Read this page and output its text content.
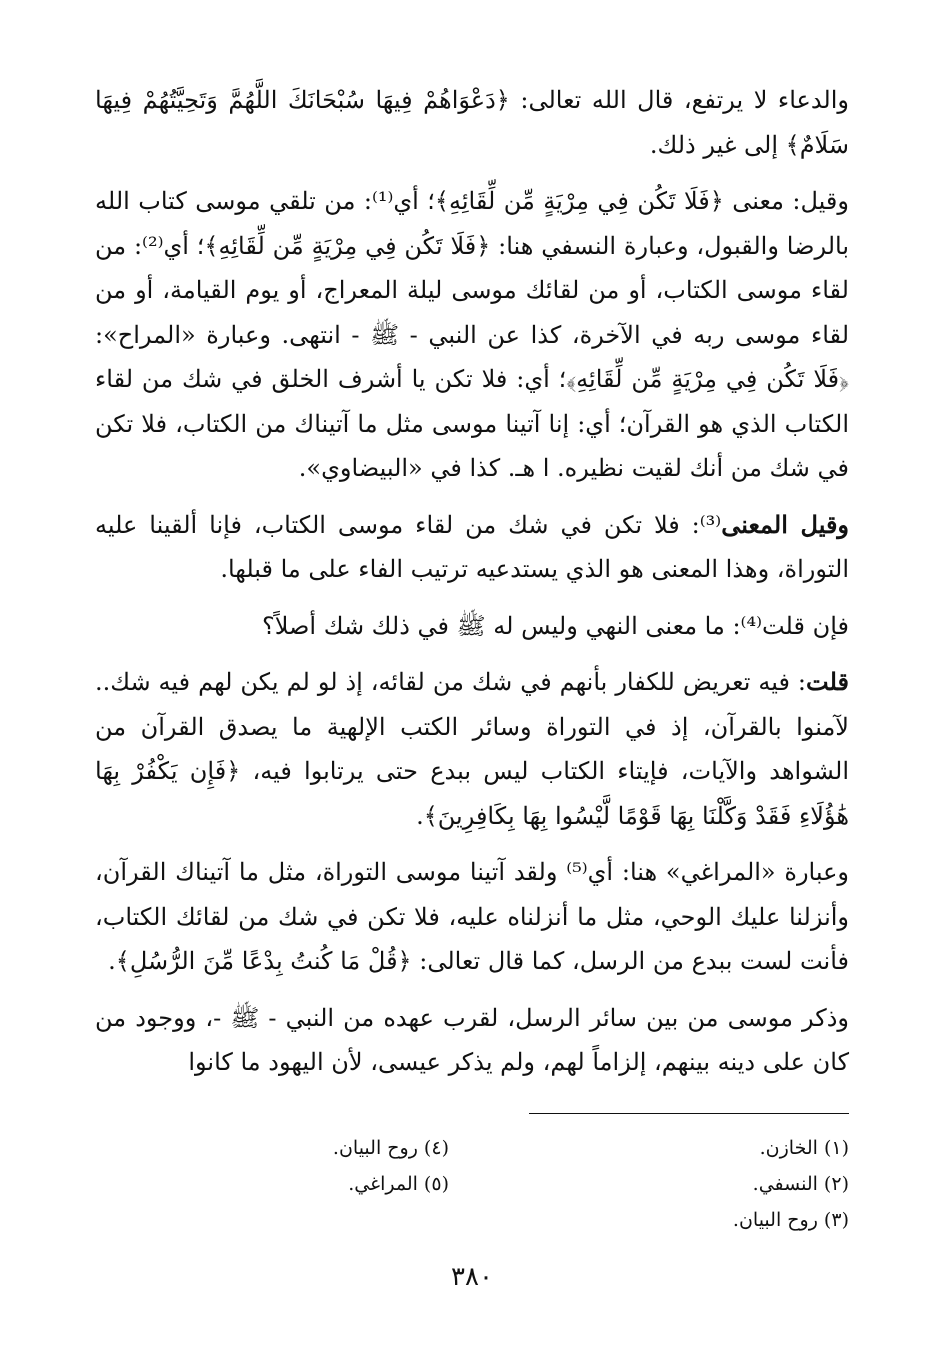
والدعاء لا يرتفع، قال الله تعالى: ﴿دَعْوَاهُمْ فِيهَا سُبْحَانَكَ اللَّهُمَّ وَتَحِيَّتُهُمْ فِيهَا سَلَامٌ﴾ إلى غير ذلك.

وقيل: معنى ﴿فَلَا تَكُن فِي مِرْيَةٍ مِّن لِّقَائِهِ﴾؛ أي⁽¹⁾: من تلقي موسى كتاب الله بالرضا والقبول، وعبارة النسفي هنا: ﴿فَلَا تَكُن فِي مِرْيَةٍ مِّن لِّقَائِهِ﴾؛ أي⁽²⁾: من لقاء موسى الكتاب، أو من لقائك موسى ليلة المعراج، أو يوم القيامة، أو من لقاء موسى ربه في الآخرة، كذا عن النبي - ﷺ - انتهى. وعبارة «المراح»: ﴿فَلَا تَكُن فِي مِرْيَةٍ مِّن لِّقَائِهِ﴾؛ أي: فلا تكن يا أشرف الخلق في شك من لقاء الكتاب الذي هو القرآن؛ أي: إنا آتينا موسى مثل ما آتيناك من الكتاب، فلا تكن في شك من أنك لقيت نظيره. ا هـ. كذا في «البيضاوي».

وقيل المعنى⁽³⁾: فلا تكن في شك من لقاء موسى الكتاب، فإنا ألقينا عليه التوراة، وهذا المعنى هو الذي يستدعيه ترتيب الفاء على ما قبلها.

فإن قلت⁽⁴⁾: ما معنى النهي وليس له ﷺ في ذلك شك أصلاً؟

قلت: فيه تعريض للكفار بأنهم في شك من لقائه، إذ لو لم يكن لهم فيه شك.. لآمنوا بالقرآن، إذ في التوراة وسائر الكتب الإلهية ما يصدق القرآن من الشواهد والآيات، فإيتاء الكتاب ليس ببدع حتى يرتابوا فيه، ﴿فَإِن يَكْفُرْ بِهَا هَٰؤُلَاءِ فَقَدْ وَكَّلْنَا بِهَا قَوْمًا لَّيْسُوا بِهَا بِكَافِرِينَ﴾.

وعبارة «المراغي» هنا: أي⁽⁵⁾ ولقد آتينا موسى التوراة، مثل ما آتيناك القرآن، وأنزلنا عليك الوحي، مثل ما أنزلناه عليه، فلا تكن في شك من لقائك الكتاب، فأنت لست ببدع من الرسل، كما قال تعالى: ﴿قُلْ مَا كُنتُ بِدْعًا مِّنَ الرُّسُلِ﴾.

وذكر موسى من بين سائر الرسل، لقرب عهده من النبي - ﷺ -، ووجود من كان على دينه بينهم، إلزاماً لهم، ولم يذكر عيسى، لأن اليهود ما كانوا

(١) الخازن.
(٢) النسفي.
(٣) روح البيان.
(٤) روح البيان.
(٥) المراغي.
٣٨٠
